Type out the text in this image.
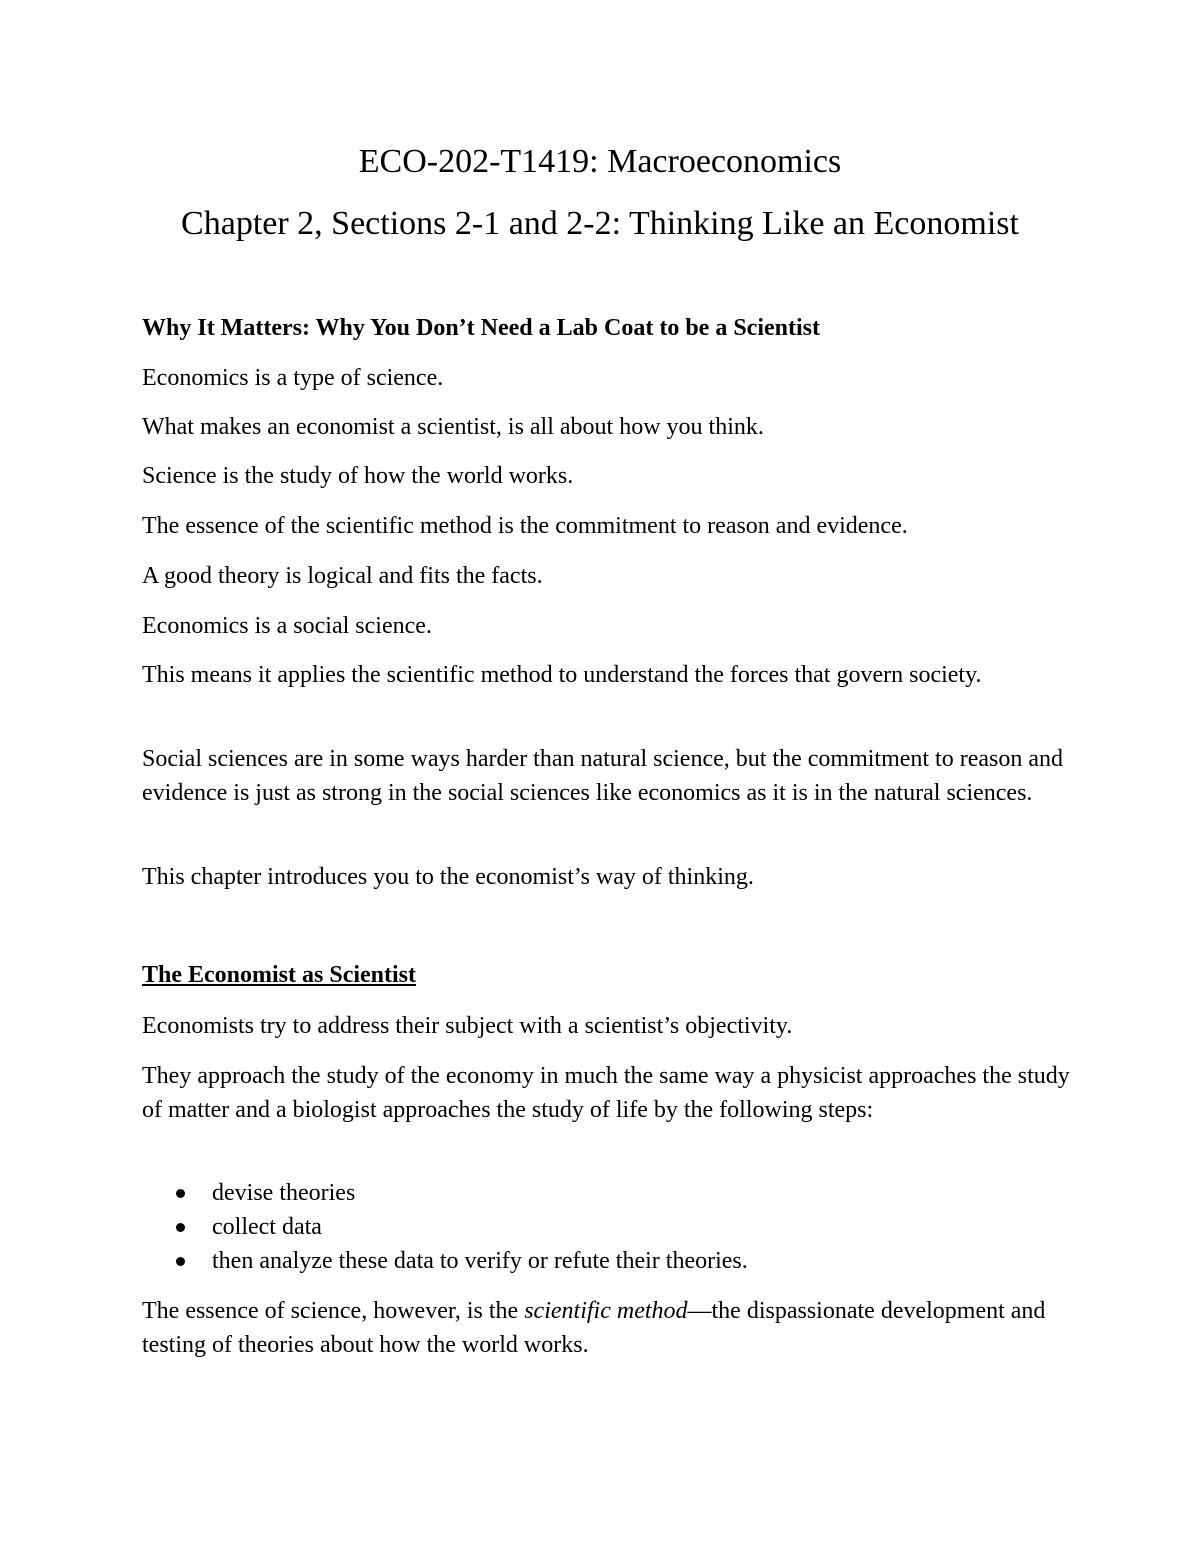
ECO-202-T1419: Macroeconomics
Chapter 2, Sections 2-1 and 2-2: Thinking Like an Economist

Why It Matters: Why You Don’t Need a Lab Coat to be a Scientist

Economics is a type of science.

What makes an economist a scientist, is all about how you think.

Science is the study of how the world works.

The essence of the scientific method is the commitment to reason and evidence.

A good theory is logical and fits the facts.

Economics is a social science.

This means it applies the scientific method to understand the forces that govern society.

Social sciences are in some ways harder than natural science, but the commitment to reason and evidence is just as strong in the social sciences like economics as it is in the natural sciences.

This chapter introduces you to the economist’s way of thinking.

The Economist as Scientist

Economists try to address their subject with a scientist’s objectivity.

They approach the study of the economy in much the same way a physicist approaches the study of matter and a biologist approaches the study of life by the following steps:

devise theories
collect data
then analyze these data to verify or refute their theories.

The essence of science, however, is the scientific method—the dispassionate development and testing of theories about how the world works.
